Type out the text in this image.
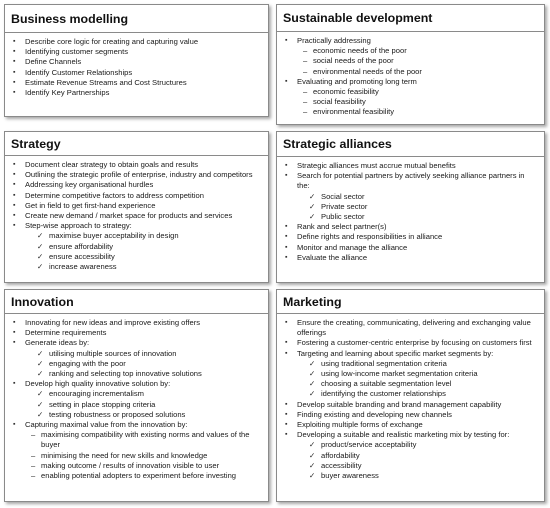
Business modelling
▪ Describe core logic for creating and capturing value
▪ Identifying customer segments
▪ Define Channels
▪ Identify Customer Relationships
▪ Estimate Revenue Streams and Cost Structures
▪ Identify Key Partnerships
Sustainable development
▪ Practically addressing
– economic needs of the poor
– social needs of the poor
– environmental needs of the poor
▪ Evaluating and promoting long term
– economic feasibility
– social feasibility
– environmental feasibility
Strategy
▪ Document clear strategy to obtain goals and results
▪ Outlining the strategic profile of enterprise, industry and competitors
▪ Addressing key organisational hurdles
▪ Determine competitive factors to address competition
▪ Get in field to get first-hand experience
▪ Create new demand / market space for products and services
▪ Step-wise approach to strategy:
✓ maximise buyer acceptability in design
✓ ensure affordability
✓ ensure accessibility
✓ increase awareness
Strategic alliances
▪ Strategic alliances must accrue mutual benefits
▪ Search for potential partners by actively seeking alliance partners in the:
✓ Social sector
✓ Private sector
✓ Public sector
▪ Rank and select partner(s)
▪ Define rights and responsibilities in alliance
▪ Monitor and manage the alliance
▪ Evaluate the alliance
Innovation
▪ Innovating for new ideas and improve existing offers
▪ Determine requirements
▪ Generate ideas by:
✓ utilising multiple sources of innovation
✓ engaging with the poor
✓ ranking and selecting top innovative solutions
▪ Develop high quality innovative solution by:
✓ encouraging incrementalism
✓ setting in place stopping criteria
✓ testing robustness or proposed solutions
▪ Capturing maximal value from the innovation by:
– maximising compatibility with existing norms and values of the buyer
– minimising the need for new skills and knowledge
– making outcome / results of innovation visible to user
– enabling potential adopters to experiment before investing
Marketing
▪ Ensure the creating, communicating, delivering and exchanging value offerings
▪ Fostering a customer-centric enterprise by focusing on customers first
▪ Targeting and learning about specific market segments by:
✓ using traditional segmentation criteria
✓ using low-income market segmentation criteria
✓ choosing a suitable segmentation level
✓ identifying the customer relationships
▪ Develop suitable branding and brand management capability
▪ Finding existing and developing new channels
▪ Exploiting multiple forms of exchange
▪ Developing a suitable and realistic marketing mix by testing for:
✓ product/service acceptability
✓ affordability
✓ accessibility
✓ buyer awareness
